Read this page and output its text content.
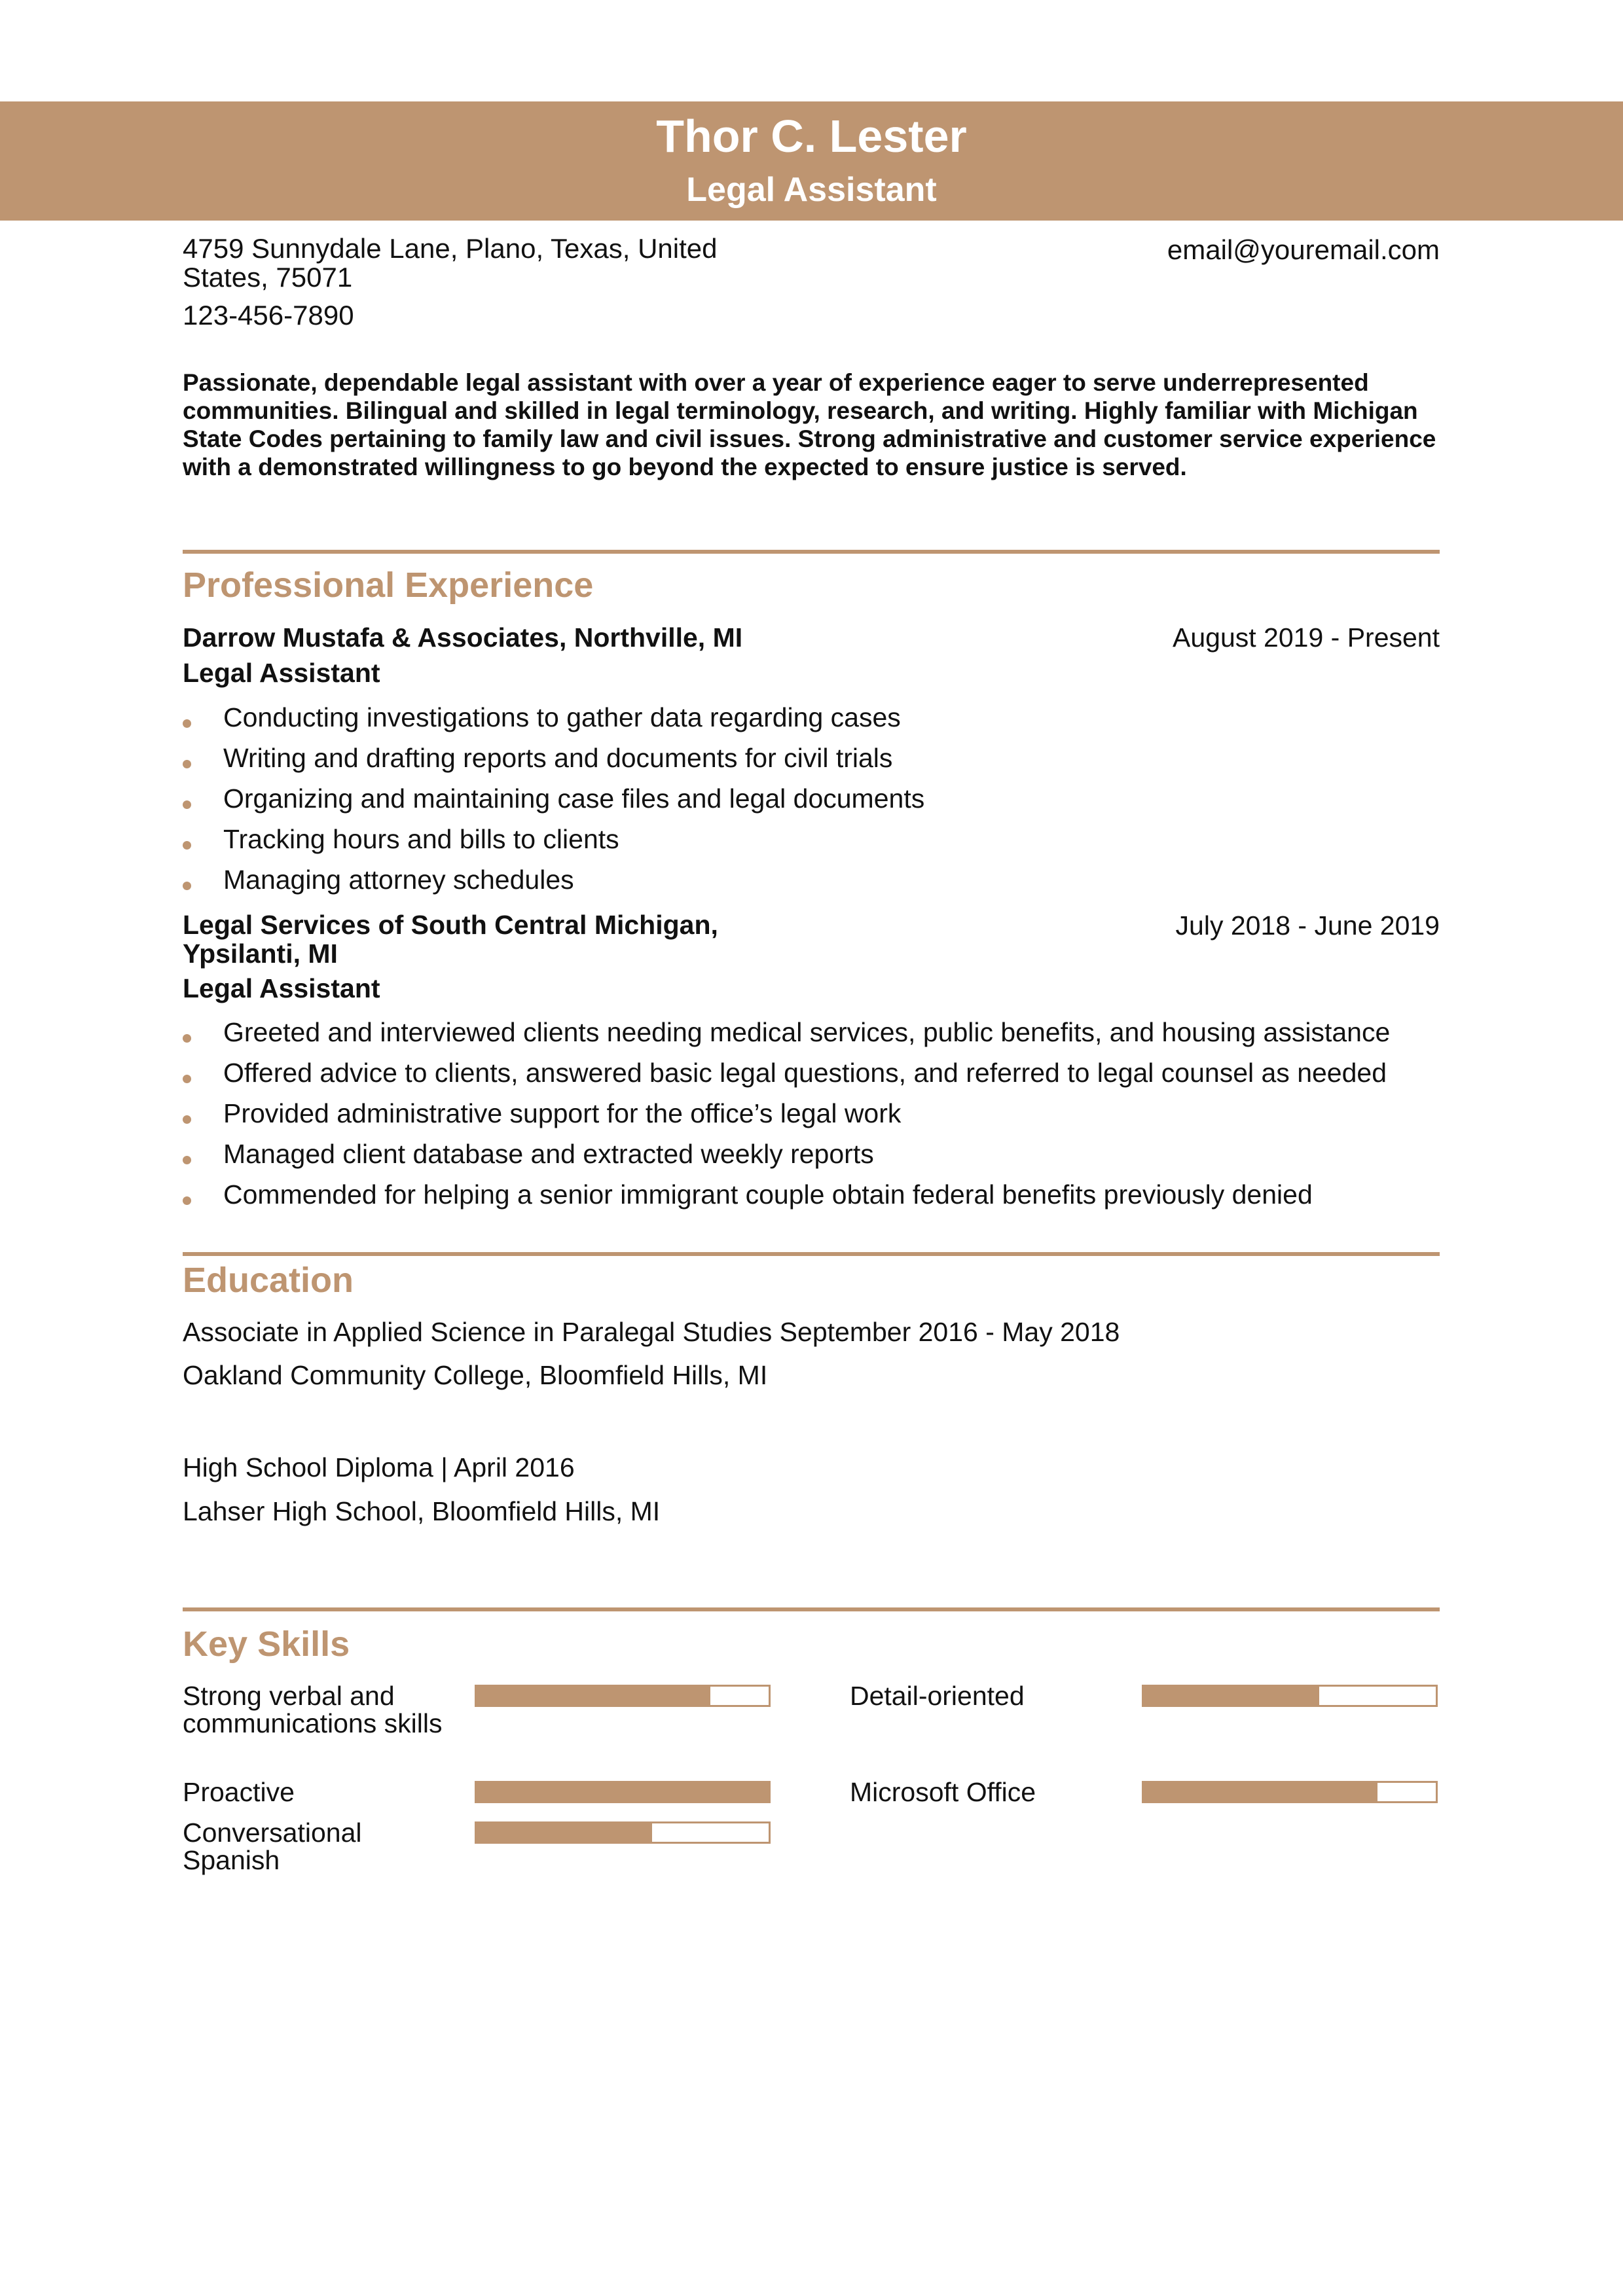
Thor C. Lester
Legal Assistant
4759 Sunnydale Lane, Plano, Texas, United States, 75071
123-456-7890
email@youremail.com
Passionate, dependable legal assistant with over a year of experience eager to serve underrepresented communities. Bilingual and skilled in legal terminology, research, and writing. Highly familiar with Michigan State Codes pertaining to family law and civil issues. Strong administrative and customer service experience with a demonstrated willingness to go beyond the expected to ensure justice is served.
Professional Experience
Darrow Mustafa & Associates, Northville, MI	August 2019 - Present
Legal Assistant
Conducting investigations to gather data regarding cases
Writing and drafting reports and documents for civil trials
Organizing and maintaining case files and legal documents
Tracking hours and bills to clients
Managing attorney schedules
Legal Services of South Central Michigan, Ypsilanti, MI
July 2018 - June 2019
Legal Assistant
Greeted and interviewed clients needing medical services, public benefits, and housing assistance
Offered advice to clients, answered basic legal questions, and referred to legal counsel as needed
Provided administrative support for the office’s legal work
Managed client database and extracted weekly reports
Commended for helping a senior immigrant couple obtain federal benefits previously denied
Education
Associate in Applied Science in Paralegal Studies September 2016 - May 2018
Oakland Community College, Bloomfield Hills, MI
High School Diploma | April 2016
Lahser High School, Bloomfield Hills, MI
Key Skills
Strong verbal and communications skills
Detail-oriented
Proactive	Microsoft Office
Conversational Spanish
